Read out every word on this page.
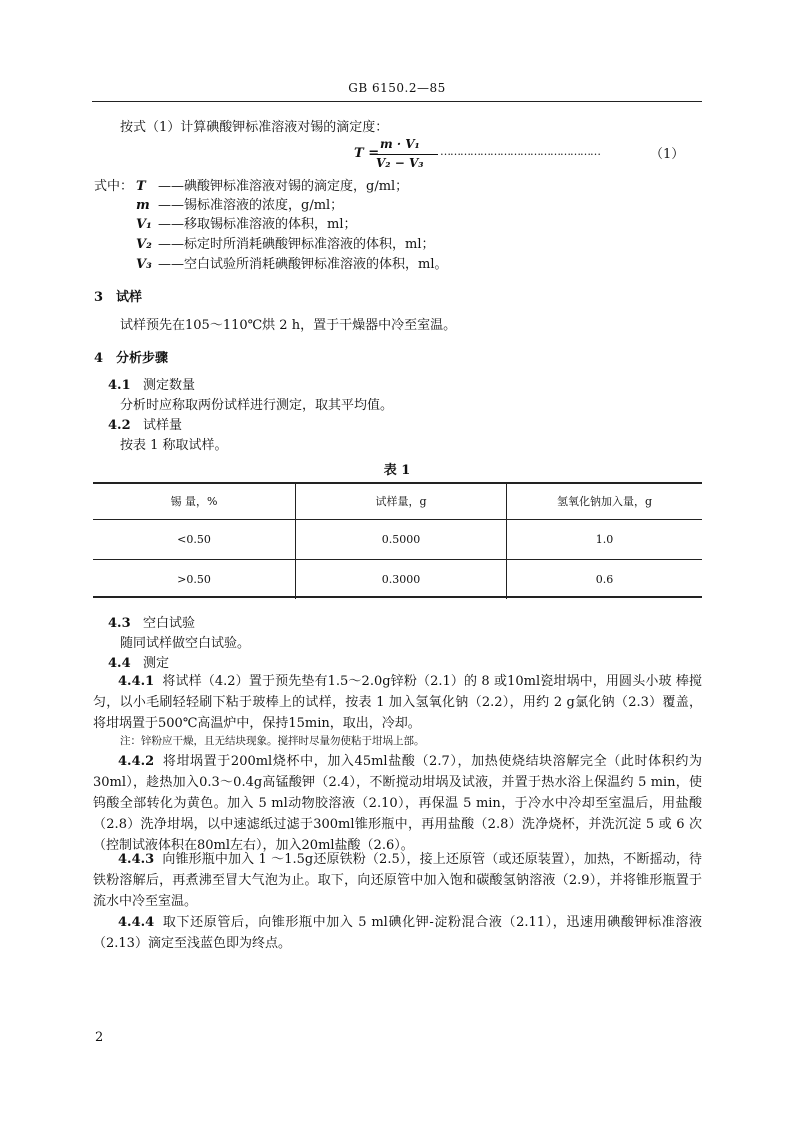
GB 6150.2—85
按式（1）计算碘酸钾标准溶液对锡的滴定度：
T =
m · V₁
V₂ − V₃
…………………………………………	（1）
式中： T ——碘酸钾标准溶液对锡的滴定度，g/ml；
m ——锡标准溶液的浓度，g/ml；
V₁ ——移取锡标准溶液的体积，ml；
V₂ ——标定时所消耗碘酸钾标准溶液的体积，ml；
V₃ ——空白试验所消耗碘酸钾标准溶液的体积，ml。
3 试样
试样预先在105～110℃烘 2 h，置于干燥器中冷至室温。
4 分析步骤
4.1 测定数量
分析时应称取两份试样进行测定，取其平均值。
4.2 试样量
按表 1 称取试样。
表 1
锡 量，%	试样量，g	氢氧化钠加入量，g
<0.50	0.5000	1.0
>0.50	0.3000	0.6
4.3 空白试验
随同试样做空白试验。
4.4 测定
4.4.1 将试样（4.2）置于预先垫有1.5～2.0g锌粉（2.1）的 8 或10ml瓷坩埚中，用圆头小玻 棒搅匀，以小毛刷轻轻刷下粘于玻棒上的试样，按表 1 加入氢氧化钠（2.2），用约 2 g氯化钠（2.3）覆盖，将坩埚置于500℃高温炉中，保持15min，取出，冷却。
注：锌粉应干燥，且无结块现象。搅拌时尽量勿使粘于坩埚上部。
4.4.2 将坩埚置于200ml烧杯中，加入45ml盐酸（2.7），加热使烧结块溶解完全（此时体积约为30ml），趁热加入0.3～0.4g高锰酸钾（2.4），不断搅动坩埚及试液，并置于热水浴上保温约 5 min，使钨酸全部转化为黄色。加入 5 ml动物胶溶液（2.10），再保温 5 min，于冷水中冷却至室温后，用盐酸（2.8）洗净坩埚，以中速滤纸过滤于300ml锥形瓶中，再用盐酸（2.8）洗净烧杯，并洗沉淀 5 或 6 次（控制试液体积在80ml左右），加入20ml盐酸（2.6）。
4.4.3 向锥形瓶中加入 1 ～1.5g还原铁粉（2.5），接上还原管（或还原装置），加热，不断摇动，待铁粉溶解后，再煮沸至冒大气泡为止。取下，向还原管中加入饱和碳酸氢钠溶液（2.9），并将锥形瓶置于流水中冷至室温。
4.4.4 取下还原管后，向锥形瓶中加入 5 ml碘化钾-淀粉混合液（2.11），迅速用碘酸钾标准溶液（2.13）滴定至浅蓝色即为终点。
2
